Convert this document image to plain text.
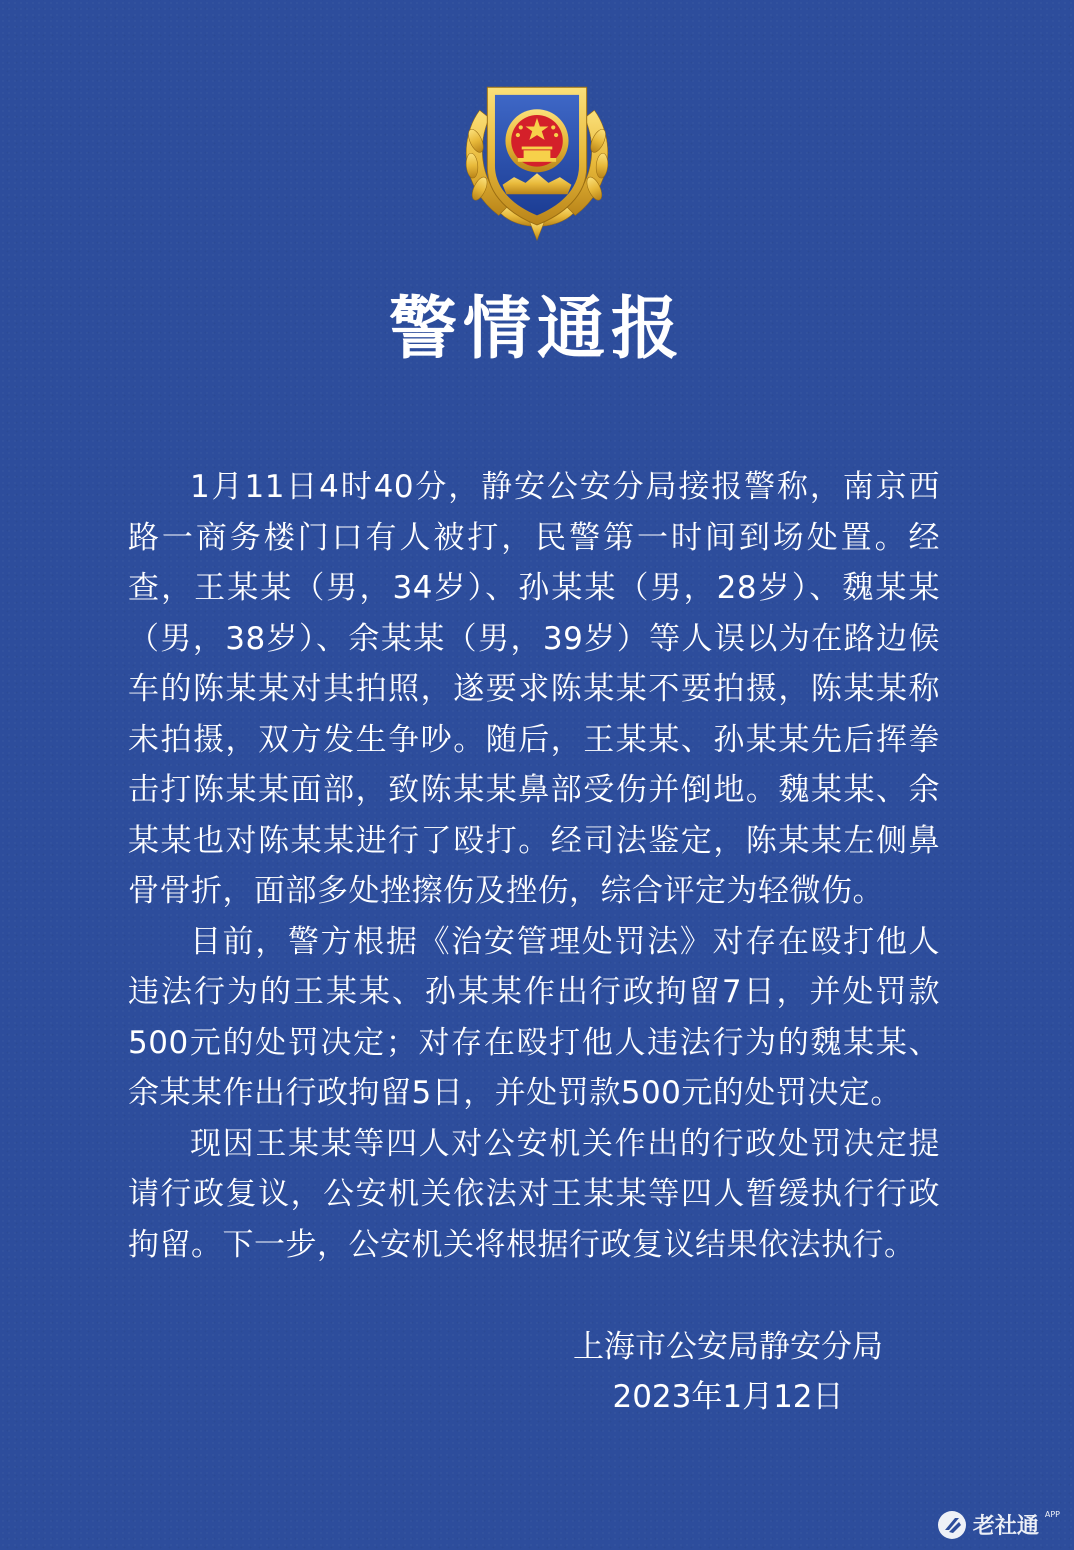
警情通报

1月11日4时40分，静安公安分局接报警称，南京西路一商务楼门口有人被打，民警第一时间到场处置。经查，王某某（男，34岁）、孙某某（男，28岁）、魏某某（男，38岁）、余某某（男，39岁）等人误以为在路边候车的陈某某对其拍照，遂要求陈某某不要拍摄，陈某某称未拍摄，双方发生争吵。随后，王某某、孙某某先后挥拳击打陈某某面部，致陈某某鼻部受伤并倒地。魏某某、余某某也对陈某某进行了殴打。经司法鉴定，陈某某左侧鼻骨骨折，面部多处挫擦伤及挫伤，综合评定为轻微伤。

目前，警方根据《治安管理处罚法》对存在殴打他人违法行为的王某某、孙某某作出行政拘留7日，并处罚款500元的处罚决定；对存在殴打他人违法行为的魏某某、余某某作出行政拘留5日，并处罚款500元的处罚决定。

现因王某某等四人对公安机关作出的行政处罚决定提请行政复议，公安机关依法对王某某等四人暂缓执行行政拘留。下一步，公安机关将根据行政复议结果依法执行。

上海市公安局静安分局
2023年1月12日
老社通 APP
